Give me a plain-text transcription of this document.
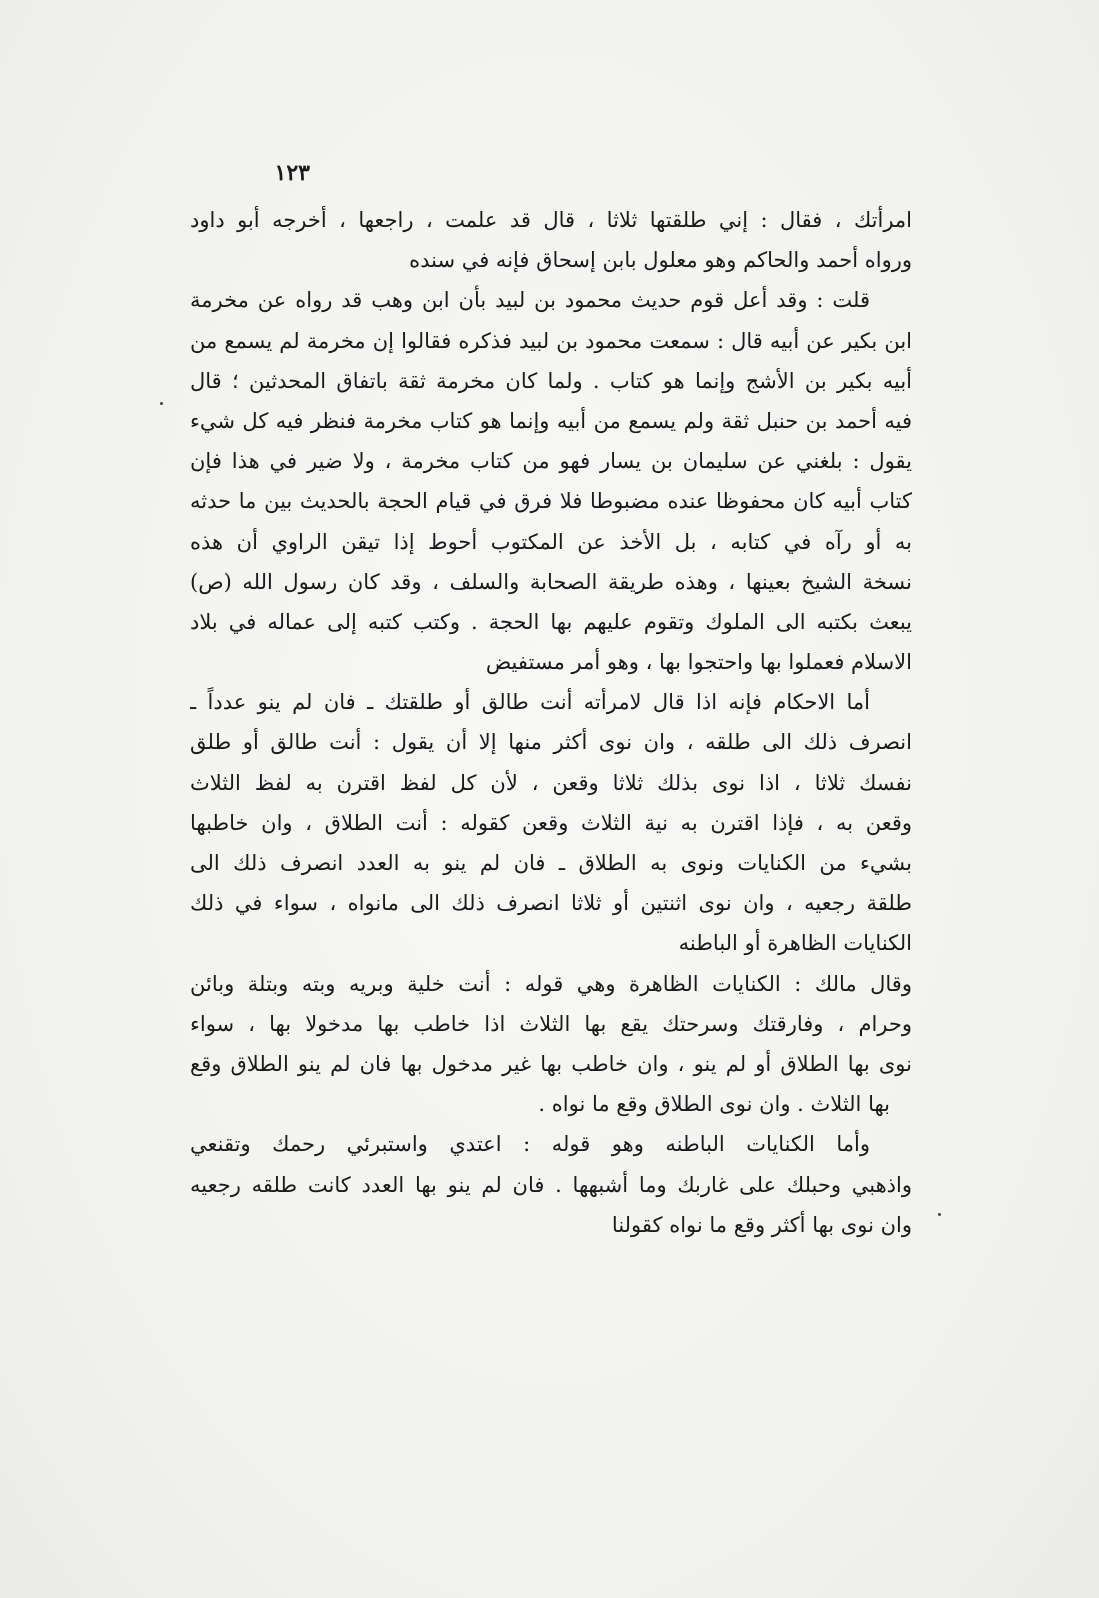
١٢٣
امرأتك ، فقال : إني طلقتها ثلاثا ، قال قد علمت ، راجعها ، أخرجه أبو داود
ورواه أحمد والحاكم وهو معلول بابن إسحاق فإنه في سنده
قلت : وقد أعل قوم حديث محمود بن لبيد بأن ابن وهب قد رواه عن مخرمة
ابن بكير عن أبيه قال : سمعت محمود بن لبيد فذكره فقالوا إن مخرمة لم يسمع من
أبيه بكير بن الأشج وإنما هو كتاب . ولما كان مخرمة ثقة باتفاق المحدثين ؛ قال
فيه أحمد بن حنبل ثقة ولم يسمع من أبيه وإنما هو كتاب مخرمة فنظر فيه كل شيء
يقول : بلغني عن سليمان بن يسار فهو من كتاب مخرمة ، ولا ضير في هذا فإن
كتاب أبيه كان محفوظا عنده مضبوطا فلا فرق في قيام الحجة بالحديث بين ما حدثه
به أو رآه في كتابه ، بل الأخذ عن المكتوب أحوط إذا تيقن الراوي أن هذه
نسخة الشيخ بعينها ، وهذه طريقة الصحابة والسلف ، وقد كان رسول الله (ص)
يبعث بكتبه الى الملوك وتقوم عليهم بها الحجة . وكتب كتبه إلى عماله في بلاد
الاسلام فعملوا بها واحتجوا بها ، وهو أمر مستفيض
أما الاحكام فإنه اذا قال لامرأته أنت طالق أو طلقتك ـ فان لم ينو عدداً ـ
انصرف ذلك الى طلقه ، وان نوى أكثر منها إلا أن يقول : أنت طالق أو طلق
نفسك ثلاثا ، اذا نوى بذلك ثلاثا وقعن ، لأن كل لفظ اقترن به لفظ الثلاث
وقعن به ، فإذا اقترن به نية الثلاث وقعن كقوله : أنت الطلاق ، وان خاطبها
بشيء من الكنايات ونوى به الطلاق ـ فان لم ينو به العدد انصرف ذلك الى
طلقة رجعيه ، وان نوى اثنتين أو ثلاثا انصرف ذلك الى مانواه ، سواء في ذلك
الكنايات الظاهرة أو الباطنه
وقال مالك : الكنايات الظاهرة وهي قوله : أنت خلية وبريه وبته وبتلة وبائن
وحرام ، وفارقتك وسرحتك يقع بها الثلاث اذا خاطب بها مدخولا بها ، سواء
نوى بها الطلاق أو لم ينو ، وان خاطب بها غير مدخول بها فان لم ينو الطلاق وقع
بها الثلاث . وان نوى الطلاق وقع ما نواه .
وأما الكنايات الباطنه وهو قوله : اعتدي واستبرئي رحمك وتقنعي
واذهبي وحبلك على غاربك وما أشبهها . فان لم ينو بها العدد كانت طلقه رجعيه
وان نوى بها أكثر وقع ما نواه كقولنا
